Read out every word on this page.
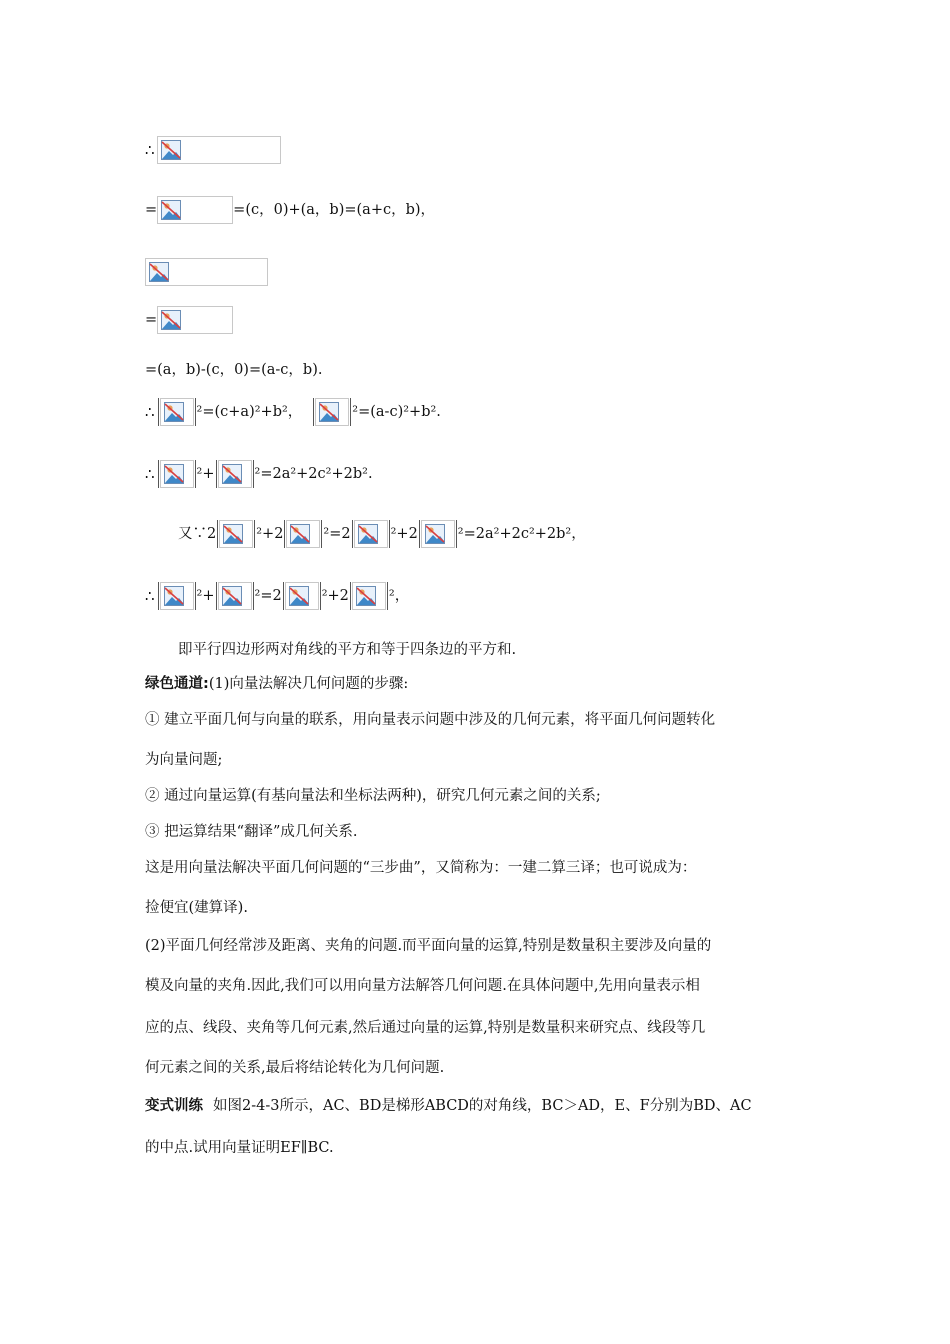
∴
=	= (c，0)+(a，b)=(a+c，b)，
=
=(a，b)-(c，0)=(a-c，b).
∴	²=(c+a)²+b²，	²=(a-c)²+b².
∴	²+	²=2a²+2c²+2b².
又∵2	²+2	²=2	²+2	²=2a²+2c²+2b²，
∴	²+	²=2	²+2	²，
即平行四边形两对角线的平方和等于四条边的平方和.
绿色通道: (1)向量法解决几何问题的步骤:
① 建立平面几何与向量的联系，用向量表示问题中涉及的几何元素，将平面几何问题转化
为向量问题;
② 通过向量运算(有基向量法和坐标法两种)，研究几何元素之间的关系;
③ 把运算结果“翻译”成几何关系.
这是用向量法解决平面几何问题的“三步曲”，又简称为：一建二算三译；也可说成为：
捡便宜(建算译).
(2)平面几何经常涉及距离、夹角的问题.而平面向量的运算,特别是数量积主要涉及向量的
模及向量的夹角.因此,我们可以用向量方法解答几何问题.在具体问题中,先用向量表示相
应的点、线段、夹角等几何元素,然后通过向量的运算,特别是数量积来研究点、线段等几
何元素之间的关系,最后将结论转化为几何问题.
变式训练 如图2-4-3所示，AC、BD是梯形ABCD的对角线，BC＞AD，E、F分别为BD、AC
的中点.试用向量证明EF∥BC.
